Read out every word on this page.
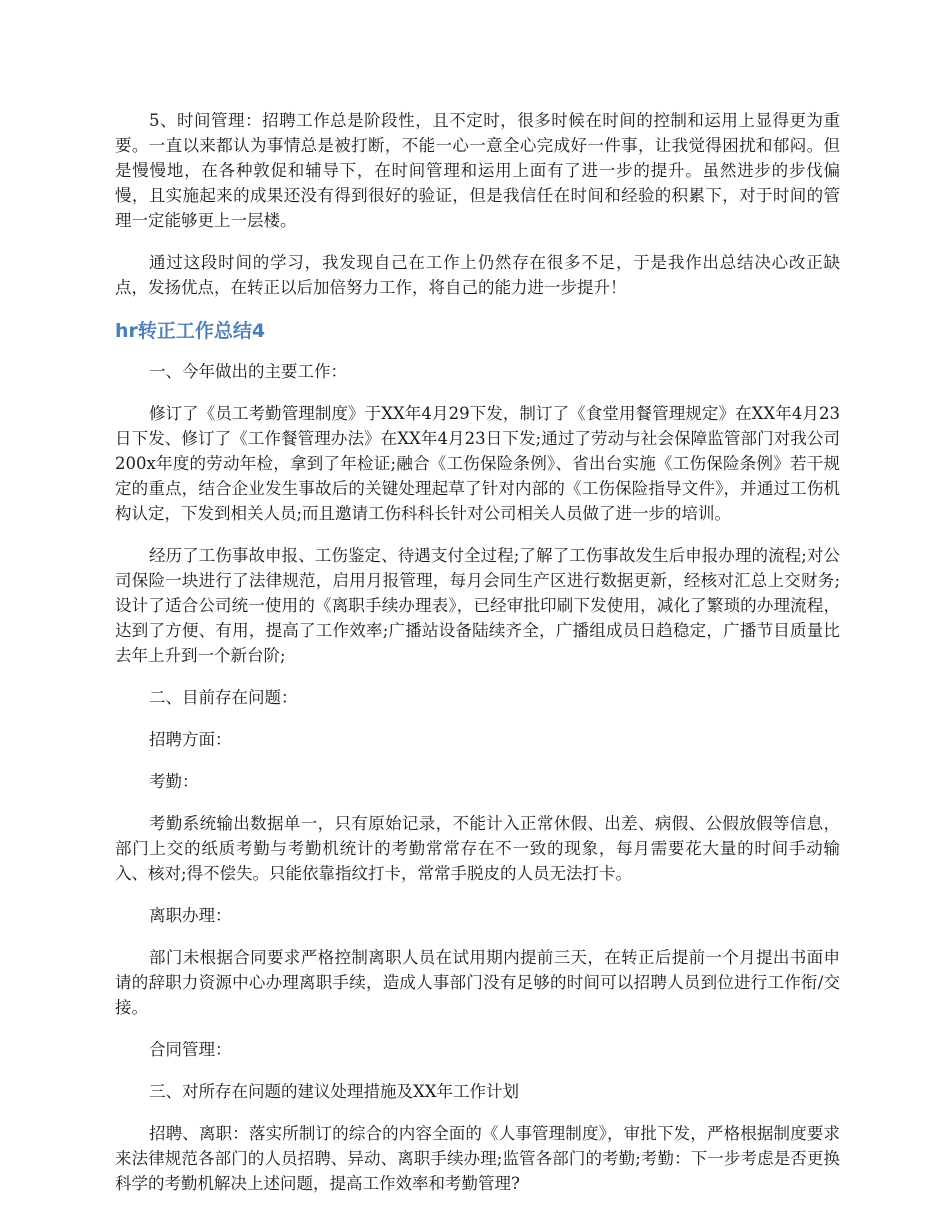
5、时间管理：招聘工作总是阶段性，且不定时，很多时候在时间的控制和运用上显得更为重要。一直以来都认为事情总是被打断，不能一心一意全心完成好一件事，让我觉得困扰和郁闷。但是慢慢地，在各种敦促和辅导下，在时间管理和运用上面有了进一步的提升。虽然进步的步伐偏慢，且实施起来的成果还没有得到很好的验证，但是我信任在时间和经验的积累下，对于时间的管理一定能够更上一层楼。

通过这段时间的学习，我发现自己在工作上仍然存在很多不足，于是我作出总结决心改正缺点，发扬优点，在转正以后加倍努力工作，将自己的能力进一步提升！

hr转正工作总结4

一、今年做出的主要工作：

修订了《员工考勤管理制度》于XX年4月29下发，制订了《食堂用餐管理规定》在XX年4月23日下发、修订了《工作餐管理办法》在XX年4月23日下发;通过了劳动与社会保障监管部门对我公司200x年度的劳动年检，拿到了年检证;融合《工伤保险条例》、省出台实施《工伤保险条例》若干规定的重点，结合企业发生事故后的关键处理起草了针对内部的《工伤保险指导文件》，并通过工伤机构认定，下发到相关人员;而且邀请工伤科科长针对公司相关人员做了进一步的培训。

经历了工伤事故申报、工伤鉴定、待遇支付全过程;了解了工伤事故发生后申报办理的流程;对公司保险一块进行了法律规范，启用月报管理，每月会同生产区进行数据更新，经核对汇总上交财务;设计了适合公司统一使用的《离职手续办理表》，已经审批印刷下发使用，减化了繁琐的办理流程，达到了方便、有用，提高了工作效率;广播站设备陆续齐全，广播组成员日趋稳定，广播节目质量比去年上升到一个新台阶;

二、目前存在问题：

招聘方面：

考勤：

考勤系统输出数据单一，只有原始记录，不能计入正常休假、出差、病假、公假放假等信息，部门上交的纸质考勤与考勤机统计的考勤常常存在不一致的现象，每月需要花大量的时间手动输入、核对;得不偿失。只能依靠指纹打卡，常常手脱皮的人员无法打卡。

离职办理：

部门未根据合同要求严格控制离职人员在试用期内提前三天，在转正后提前一个月提出书面申请的辞职力资源中心办理离职手续，造成人事部门没有足够的时间可以招聘人员到位进行工作衔/交接。

合同管理：

三、对所存在问题的建议处理措施及XX年工作计划

招聘、离职：落实所制订的综合的内容全面的《人事管理制度》，审批下发，严格根据制度要求来法律规范各部门的人员招聘、异动、离职手续办理;监管各部门的考勤;考勤：下一步考虑是否更换科学的考勤机解决上述问题，提高工作效率和考勤管理?
